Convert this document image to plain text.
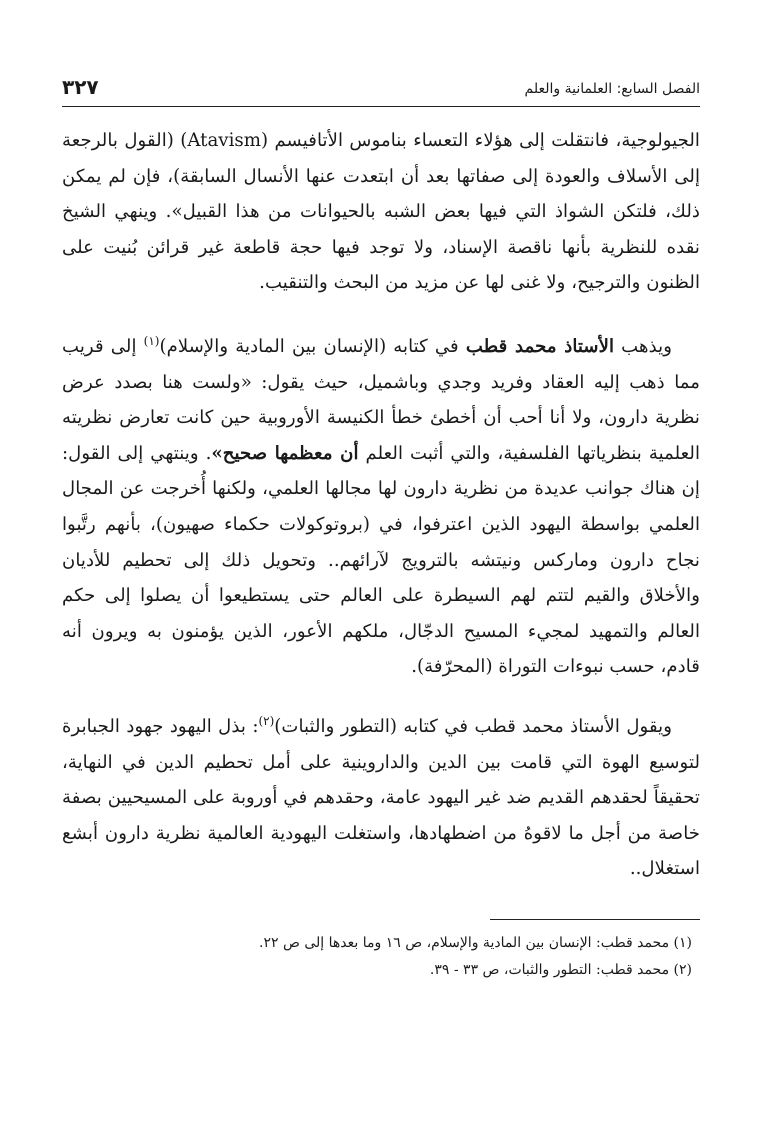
الفصل السابع: العلمانية والعلم
٣٢٧

الجيولوجية، فانتقلت إلى هؤلاء التعساء بناموس الأتافيسم (Atavism) (القول بالرجعة إلى الأسلاف والعودة إلى صفاتها بعد أن ابتعدت عنها الأنسال السابقة)، فإن لم يمكن ذلك، فلتكن الشواذ التي فيها بعض الشبه بالحيوانات من هذا القبيل». وينهي الشيخ نقده للنظرية بأنها ناقصة الإسناد، ولا توجد فيها حجة قاطعة غير قرائن بُنيت على الظنون والترجيح، ولا غنى لها عن مزيد من البحث والتنقيب.

ويذهب الأستاذ محمد قطب في كتابه (الإنسان بين المادية والإسلام)$^{(١)}$ إلى قريب مما ذهب إليه العقاد وفريد وجدي وباشميل، حيث يقول: «ولست هنا بصدد عرض نظرية دارون، ولا أنا أحب أن أخطئ خطأ الكنيسة الأوروبية حين كانت تعارض نظريته العلمية بنظرياتها الفلسفية، والتي أثبت العلم أن معظمها صحيح». وينتهي إلى القول: إن هناك جوانب عديدة من نظرية دارون لها مجالها العلمي، ولكنها أُخرجت عن المجال العلمي بواسطة اليهود الذين اعترفوا، في (بروتوكولات حكماء صهيون)، بأنهم رتَّبوا نجاح دارون وماركس ونيتشه بالترويج لآرائهم.. وتحويل ذلك إلى تحطيم للأديان والأخلاق والقيم لتتم لهم السيطرة على العالم حتى يستطيعوا أن يصلوا إلى حكم العالم والتمهيد لمجيء المسيح الدجّال، ملكهم الأعور، الذين يؤمنون به ويرون أنه قادم، حسب نبوءات التوراة (المحرّفة).

ويقول الأستاذ محمد قطب في كتابه (التطور والثبات)$^{(٢)}$: بذل اليهود جهود الجبابرة لتوسيع الهوة التي قامت بين الدين والداروينية على أمل تحطيم الدين في النهاية، تحقيقاً لحقدهم القديم ضد غير اليهود عامة، وحقدهم في أوروبة على المسيحيين بصفة خاصة من أجل ما لاقوهُ من اضطهادها، واستغلت اليهودية العالمية نظرية دارون أبشع استغلال..

(١) محمد قطب: الإنسان بين المادية والإسلام، ص ١٦ وما بعدها إلى ص ٢٢.
(٢) محمد قطب: التطور والثبات، ص ٣٣ - ٣٩.
